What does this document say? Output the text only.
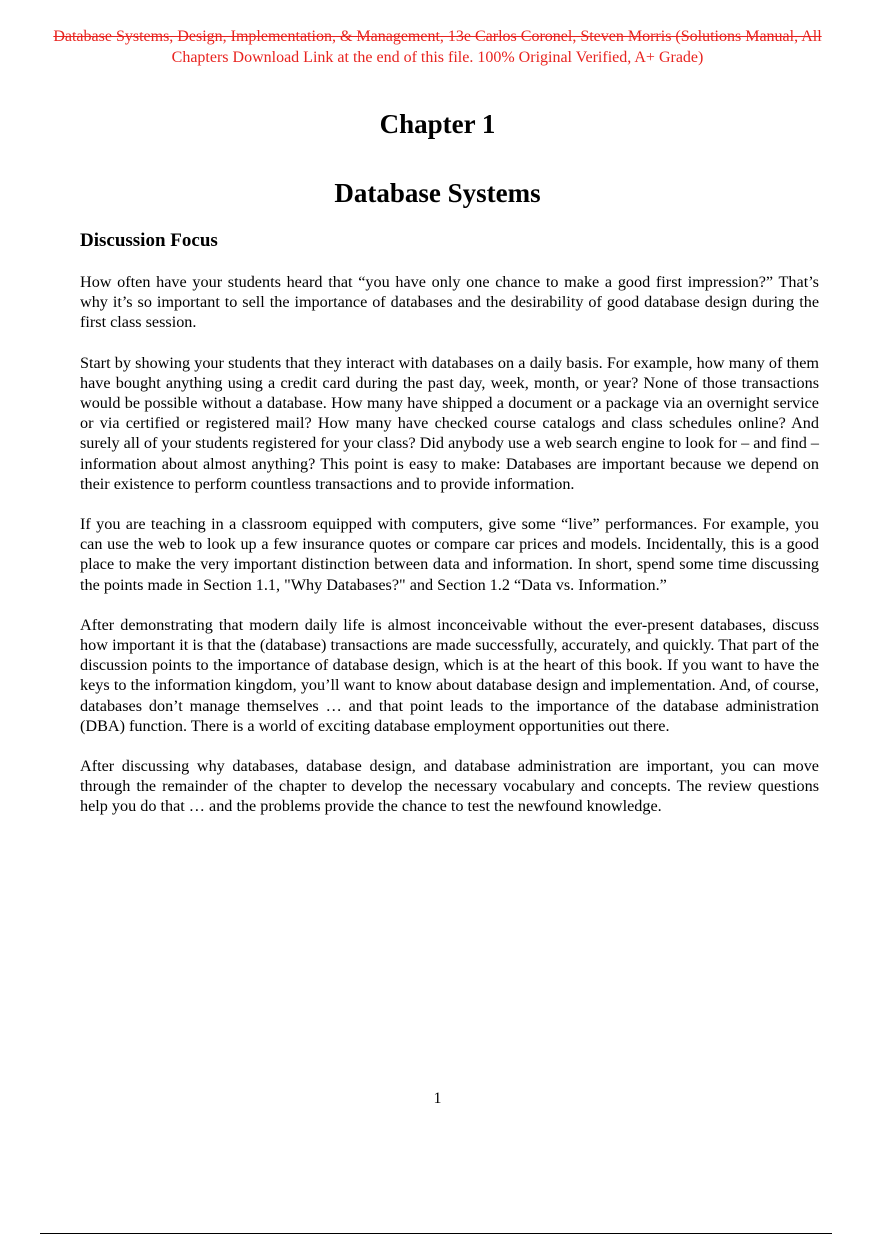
Database Systems, Design, Implementation, & Management, 13e Carlos Coronel, Steven Morris (Solutions Manual, All
Chapters Download Link at the end of this file. 100% Original Verified, A+ Grade)
Chapter 1
Database Systems
Discussion Focus

How often have your students heard that “you have only one chance to make a good first impression?” That’s why it’s so important to sell the importance of databases and the desirability of good database design during the first class session.

Start by showing your students that they interact with databases on a daily basis. For example, how many of them have bought anything using a credit card during the past day, week, month, or year? None of those transactions would be possible without a database. How many have shipped a document or a package via an overnight service or via certified or registered mail? How many have checked course catalogs and class schedules online? And surely all of your students registered for your class? Did anybody use a web search engine to look for – and find – information about almost anything? This point is easy to make: Databases are important because we depend on their existence to perform countless transactions and to provide information.

If you are teaching in a classroom equipped with computers, give some “live” performances. For example, you can use the web to look up a few insurance quotes or compare car prices and models. Incidentally, this is a good place to make the very important distinction between data and information. In short, spend some time discussing the points made in Section 1.1, "Why Databases?" and Section 1.2 “Data vs. Information.”

After demonstrating that modern daily life is almost inconceivable without the ever-present databases, discuss how important it is that the (database) transactions are made successfully, accurately, and quickly. That part of the discussion points to the importance of database design, which is at the heart of this book. If you want to have the keys to the information kingdom, you’ll want to know about database design and implementation. And, of course, databases don’t manage themselves … and that point leads to the importance of the database administration (DBA) function. There is a world of exciting database employment opportunities out there.

After discussing why databases, database design, and database administration are important, you can move through the remainder of the chapter to develop the necessary vocabulary and concepts. The review questions help you do that … and the problems provide the chance to test the newfound knowledge.

1
